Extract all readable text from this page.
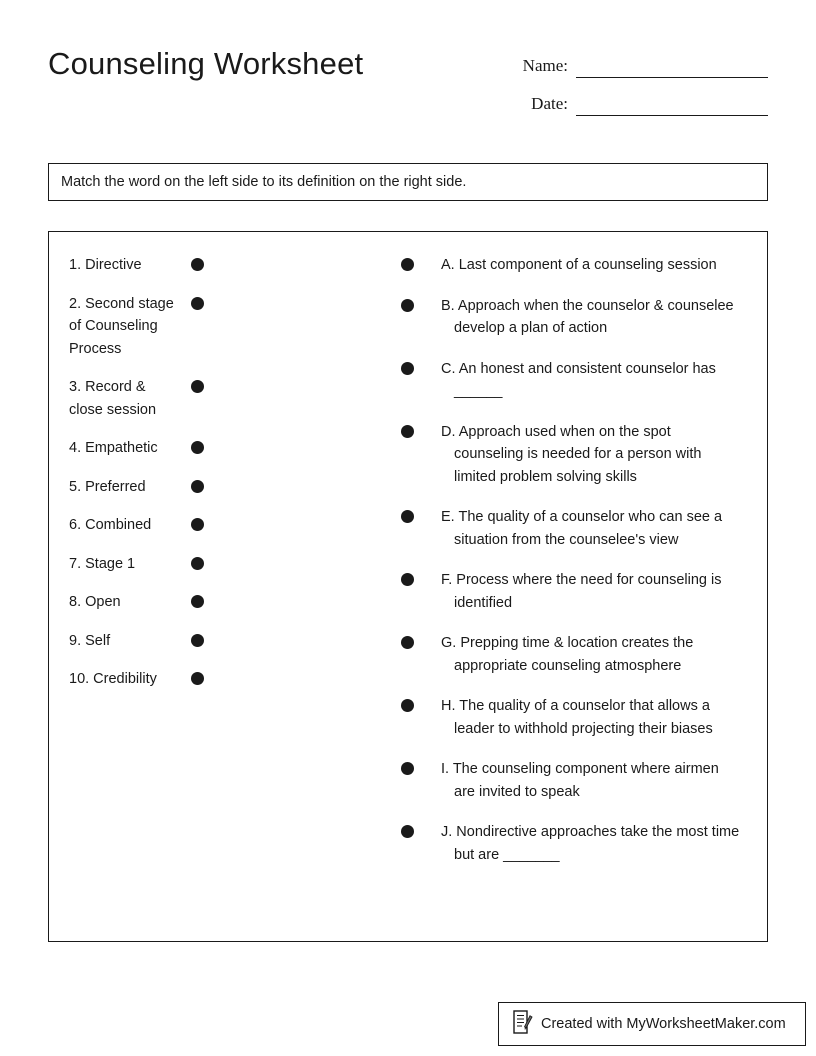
Counseling Worksheet	Name:
Date:
Match the word on the left side to its definition on the right side.
1. Directive
2. Second stage of Counseling Process
3. Record & close session
4. Empathetic
5. Preferred
6. Combined
7. Stage 1
8. Open
9. Self
10. Credibility
A. Last component of a counseling session
B. Approach when the counselor & counselee develop a plan of action
C. An honest and consistent counselor has ______
D. Approach used when on the spot counseling is needed for a person with limited problem solving skills
E. The quality of a counselor who can see a situation from the counselee's view
F. Process where the need for counseling is identified
G. Prepping time & location creates the appropriate counseling atmosphere
H. The quality of a counselor that allows a leader to withhold projecting their biases
I. The counseling component where airmen are invited to speak
J. Nondirective approaches take the most time but are _______
Created with MyWorksheetMaker.com
